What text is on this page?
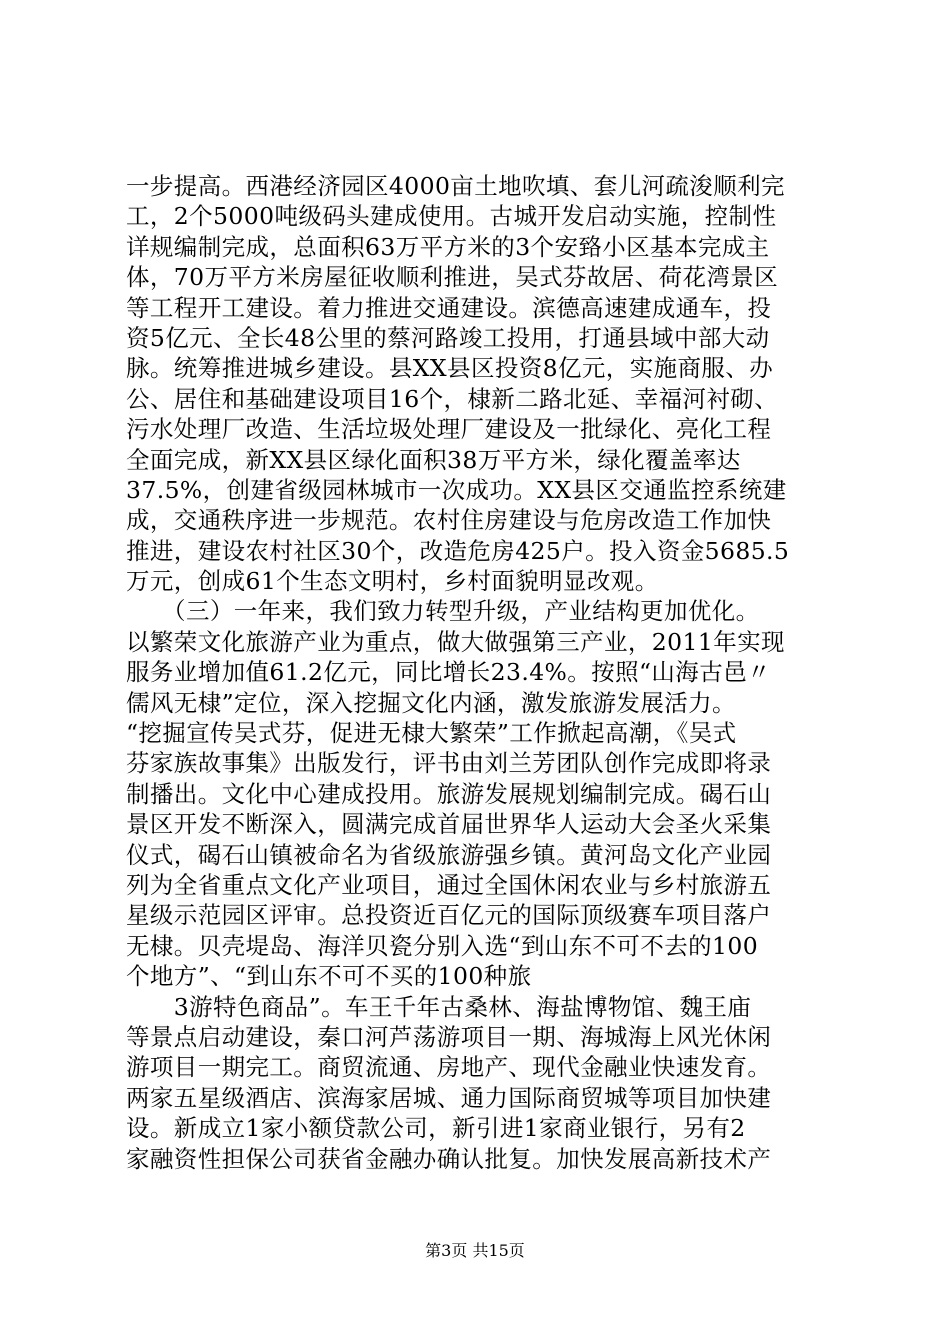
一步提高。西港经济园区4000亩土地吹填、套儿河疏浚顺利完
工，2个5000吨级码头建成使用。古城开发启动实施，控制性
详规编制完成，总面积63万平方米的3个安臵小区基本完成主
体，70万平方米房屋征收顺利推进，吴式芬故居、荷花湾景区
等工程开工建设。着力推进交通建设。滨德高速建成通车，投
资5亿元、全长48公里的蔡河路竣工投用，打通县域中部大动
脉。统筹推进城乡建设。县XX县区投资8亿元，实施商服、办
公、居住和基础建设项目16个，棣新二路北延、幸福河衬砌、
污水处理厂改造、生活垃圾处理厂建设及一批绿化、亮化工程
全面完成，新XX县区绿化面积38万平方米，绿化覆盖率达
37.5%，创建省级园林城市一次成功。XX县区交通监控系统建
成，交通秩序进一步规范。农村住房建设与危房改造工作加快
推进，建设农村社区30个，改造危房425户。投入资金5685.5
万元，创成61个生态文明村，乡村面貌明显改观。
　　（三）一年来，我们致力转型升级，产业结构更加优化。
以繁荣文化旅游产业为重点，做大做强第三产业，2011年实现
服务业增加值61.2亿元，同比增长23.4%。按照“山海古邑〃
儒风无棣”定位，深入挖掘文化内涵，激发旅游发展活力。
“挖掘宣传吴式芬，促进无棣大繁荣”工作掀起高潮，《吴式
芬家族故事集》出版发行，评书由刘兰芳团队创作完成即将录
制播出。文化中心建成投用。旅游发展规划编制完成。碣石山
景区开发不断深入，圆满完成首届世界华人运动大会圣火采集
仪式，碣石山镇被命名为省级旅游强乡镇。黄河岛文化产业园
列为全省重点文化产业项目，通过全国休闲农业与乡村旅游五
星级示范园区评审。总投资近百亿元的国际顶级赛车项目落户
无棣。贝壳堤岛、海洋贝瓷分别入选“到山东不可不去的100
个地方”、“到山东不可不买的100种旅
　　3游特色商品”。车王千年古桑林、海盐博物馆、魏王庙
等景点启动建设，秦口河芦荡游项目一期、海城海上风光休闲
游项目一期完工。商贸流通、房地产、现代金融业快速发育。
两家五星级酒店、滨海家居城、通力国际商贸城等项目加快建
设。新成立1家小额贷款公司，新引进1家商业银行，另有2
家融资性担保公司获省金融办确认批复。加快发展高新技术产
第3页 共15页
